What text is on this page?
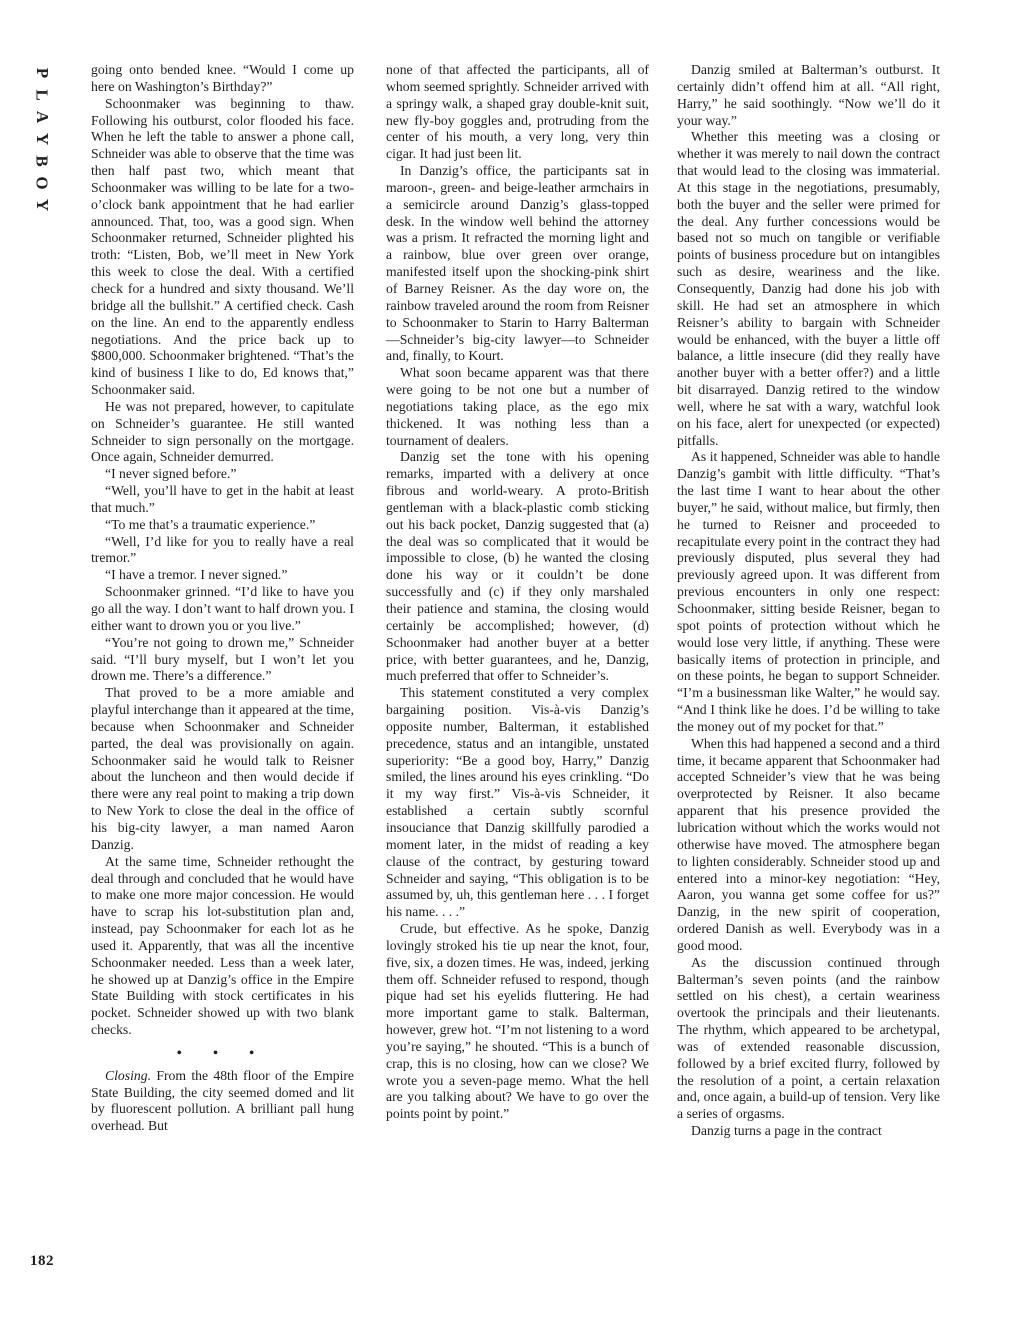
P
L
A
Y
B
O
Y
182

going onto bended knee. “Would I come up here on Washington’s Birthday?”

Schoonmaker was beginning to thaw. Following his outburst, color flooded his face. When he left the table to answer a phone call, Schneider was able to observe that the time was then half past two, which meant that Schoonmaker was willing to be late for a two-o’clock bank appointment that he had earlier announced. That, too, was a good sign. When Schoonmaker returned, Schneider plighted his troth: “Listen, Bob, we’ll meet in New York this week to close the deal. With a certified check for a hundred and sixty thousand. We’ll bridge all the bullshit.” A certified check. Cash on the line. An end to the apparently endless negotiations. And the price back up to $800,000. Schoonmaker brightened. “That’s the kind of business I like to do, Ed knows that,” Schoonmaker said.

He was not prepared, however, to capitulate on Schneider’s guarantee. He still wanted Schneider to sign personally on the mortgage. Once again, Schneider demurred.

“I never signed before.”

“Well, you’ll have to get in the habit at least that much.”

“To me that’s a traumatic experience.”

“Well, I’d like for you to really have a real tremor.”

“I have a tremor. I never signed.”

Schoonmaker grinned. “I’d like to have you go all the way. I don’t want to half drown you. I either want to drown you or you live.”

“You’re not going to drown me,” Schneider said. “I’ll bury myself, but I won’t let you drown me. There’s a difference.”

That proved to be a more amiable and playful interchange than it appeared at the time, because when Schoonmaker and Schneider parted, the deal was provisionally on again. Schoonmaker said he would talk to Reisner about the luncheon and then would decide if there were any real point to making a trip down to New York to close the deal in the office of his big-city lawyer, a man named Aaron Danzig.

At the same time, Schneider rethought the deal through and concluded that he would have to make one more major concession. He would have to scrap his lot-substitution plan and, instead, pay Schoonmaker for each lot as he used it. Apparently, that was all the incentive Schoonmaker needed. Less than a week later, he showed up at Danzig’s office in the Empire State Building with stock certificates in his pocket. Schneider showed up with two blank checks.

• • •

Closing. From the 48th floor of the Empire State Building, the city seemed domed and lit by fluorescent pollution. A brilliant pall hung overhead. But

none of that affected the participants, all of whom seemed sprightly. Schneider arrived with a springy walk, a shaped gray double-knit suit, new fly-boy goggles and, protruding from the center of his mouth, a very long, very thin cigar. It had just been lit.

In Danzig’s office, the participants sat in maroon-, green- and beige-leather armchairs in a semicircle around Danzig’s glass-topped desk. In the window well behind the attorney was a prism. It refracted the morning light and a rainbow, blue over green over orange, manifested itself upon the shocking-pink shirt of Barney Reisner. As the day wore on, the rainbow traveled around the room from Reisner to Schoonmaker to Starin to Harry Balterman—Schneider’s big-city lawyer—to Schneider and, finally, to Kourt.

What soon became apparent was that there were going to be not one but a number of negotiations taking place, as the ego mix thickened. It was nothing less than a tournament of dealers.

Danzig set the tone with his opening remarks, imparted with a delivery at once fibrous and world-weary. A proto-British gentleman with a black-plastic comb sticking out his back pocket, Danzig suggested that (a) the deal was so complicated that it would be impossible to close, (b) he wanted the closing done his way or it couldn’t be done successfully and (c) if they only marshaled their patience and stamina, the closing would certainly be accomplished; however, (d) Schoonmaker had another buyer at a better price, with better guarantees, and he, Danzig, much preferred that offer to Schneider’s.

This statement constituted a very complex bargaining position. Vis-à-vis Danzig’s opposite number, Balterman, it established precedence, status and an intangible, unstated superiority: “Be a good boy, Harry,” Danzig smiled, the lines around his eyes crinkling. “Do it my way first.” Vis-à-vis Schneider, it established a certain subtly scornful insouciance that Danzig skillfully parodied a moment later, in the midst of reading a key clause of the contract, by gesturing toward Schneider and saying, “This obligation is to be assumed by, uh, this gentleman here . . . I forget his name. . . .”

Crude, but effective. As he spoke, Danzig lovingly stroked his tie up near the knot, four, five, six, a dozen times. He was, indeed, jerking them off. Schneider refused to respond, though pique had set his eyelids fluttering. He had more important game to stalk. Balterman, however, grew hot. “I’m not listening to a word you’re saying,” he shouted. “This is a bunch of crap, this is no closing, how can we close? We wrote you a seven-page memo. What the hell are you talking about? We have to go over the points point by point.”

Danzig smiled at Balterman’s outburst. It certainly didn’t offend him at all. “All right, Harry,” he said soothingly. “Now we’ll do it your way.”

Whether this meeting was a closing or whether it was merely to nail down the contract that would lead to the closing was immaterial. At this stage in the negotiations, presumably, both the buyer and the seller were primed for the deal. Any further concessions would be based not so much on tangible or verifiable points of business procedure but on intangibles such as desire, weariness and the like. Consequently, Danzig had done his job with skill. He had set an atmosphere in which Reisner’s ability to bargain with Schneider would be enhanced, with the buyer a little off balance, a little insecure (did they really have another buyer with a better offer?) and a little bit disarrayed. Danzig retired to the window well, where he sat with a wary, watchful look on his face, alert for unexpected (or expected) pitfalls.

As it happened, Schneider was able to handle Danzig’s gambit with little difficulty. “That’s the last time I want to hear about the other buyer,” he said, without malice, but firmly, then he turned to Reisner and proceeded to recapitulate every point in the contract they had previously disputed, plus several they had previously agreed upon. It was different from previous encounters in only one respect: Schoonmaker, sitting beside Reisner, began to spot points of protection without which he would lose very little, if anything. These were basically items of protection in principle, and on these points, he began to support Schneider. “I’m a businessman like Walter,” he would say. “And I think like he does. I’d be willing to take the money out of my pocket for that.”

When this had happened a second and a third time, it became apparent that Schoonmaker had accepted Schneider’s view that he was being overprotected by Reisner. It also became apparent that his presence provided the lubrication without which the works would not otherwise have moved. The atmosphere began to lighten considerably. Schneider stood up and entered into a minor-key negotiation: “Hey, Aaron, you wanna get some coffee for us?” Danzig, in the new spirit of cooperation, ordered Danish as well. Everybody was in a good mood.

As the discussion continued through Balterman’s seven points (and the rainbow settled on his chest), a certain weariness overtook the principals and their lieutenants. The rhythm, which appeared to be archetypal, was of extended reasonable discussion, followed by a brief excited flurry, followed by the resolution of a point, a certain relaxation and, once again, a build-up of tension. Very like a series of orgasms.

Danzig turns a page in the contract
